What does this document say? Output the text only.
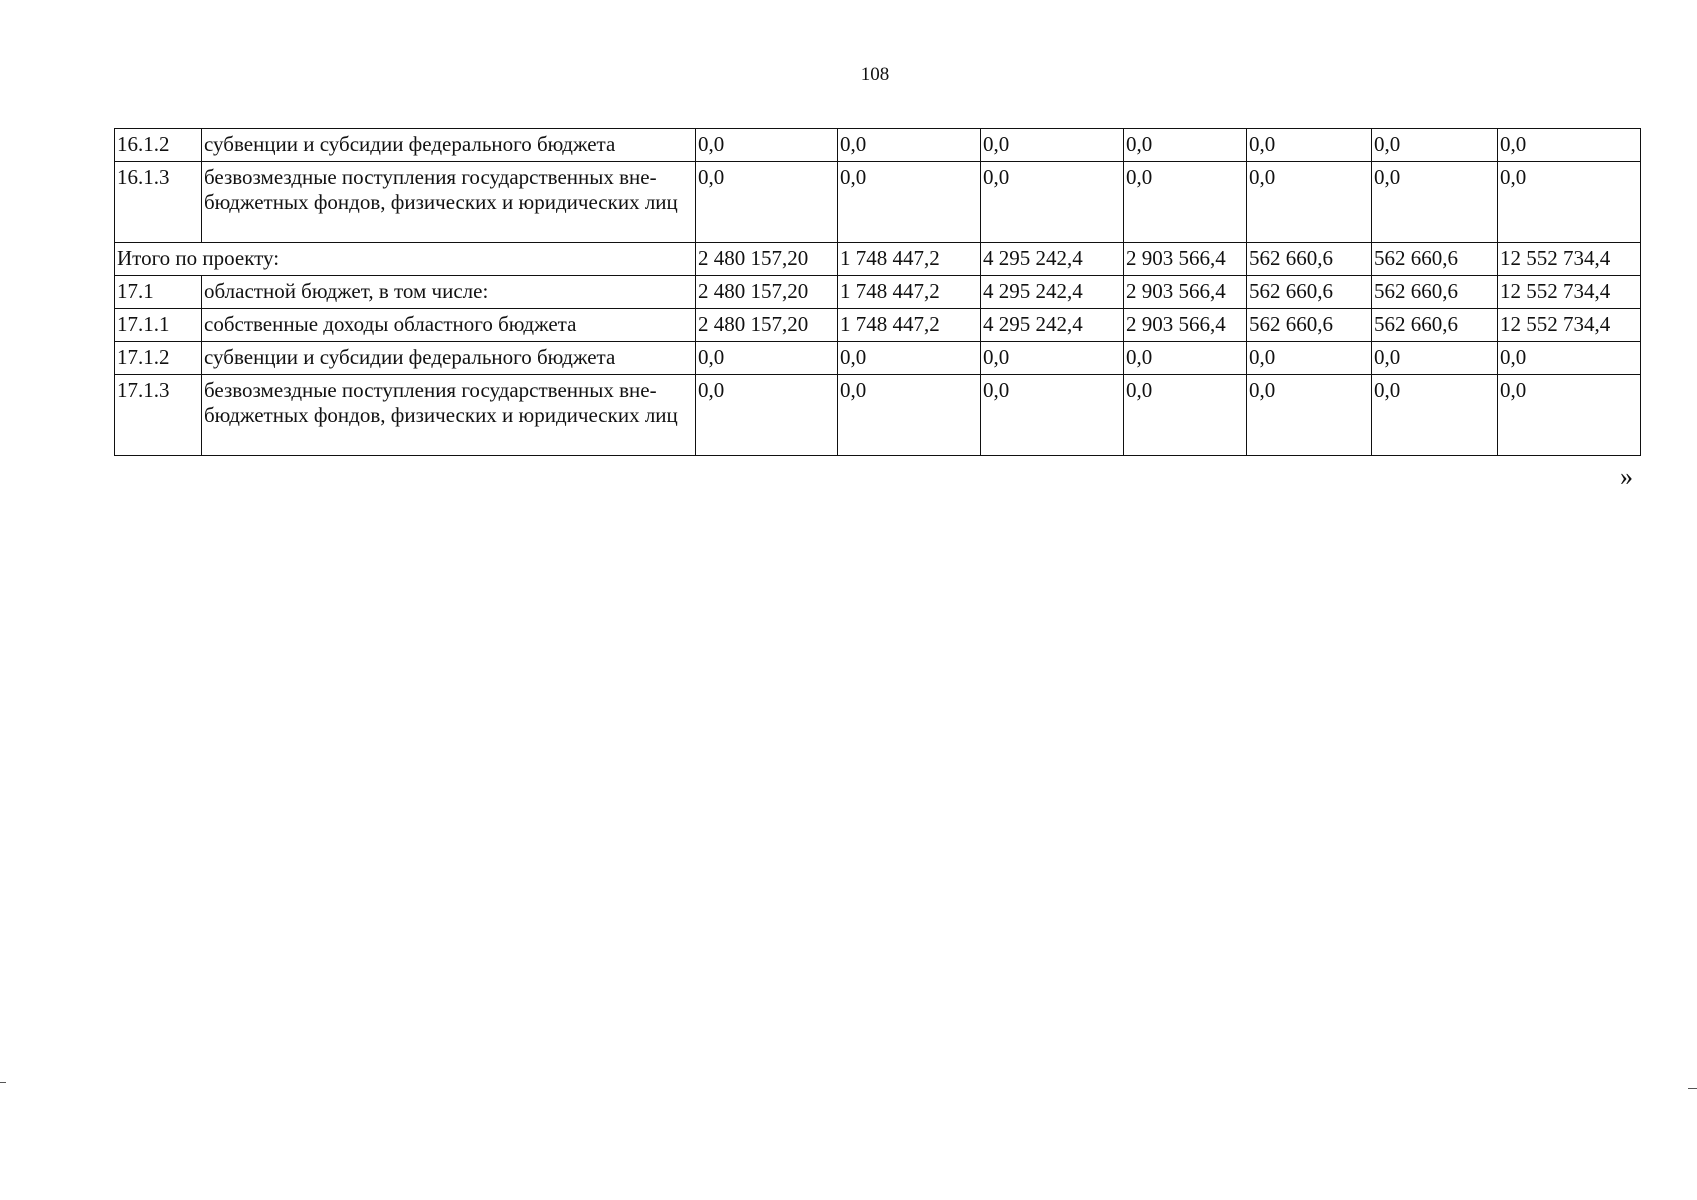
108
16.1.2	субвенции и субсидии федерального бюджета	0,0	0,0	0,0	0,0	0,0	0,0	0,0
16.1.3	безвозмездные поступления государственных вне-бюджетных фондов, физических и юридических лиц	0,0	0,0	0,0	0,0	0,0	0,0	0,0
Итого по проекту:		2 480 157,20	1 748 447,2	4 295 242,4	2 903 566,4	562 660,6	562 660,6	12 552 734,4
17.1	областной бюджет, в том числе:	2 480 157,20	1 748 447,2	4 295 242,4	2 903 566,4	562 660,6	562 660,6	12 552 734,4
17.1.1	собственные доходы областного бюджета	2 480 157,20	1 748 447,2	4 295 242,4	2 903 566,4	562 660,6	562 660,6	12 552 734,4
17.1.2	субвенции и субсидии федерального бюджета	0,0	0,0	0,0	0,0	0,0	0,0	0,0
17.1.3	безвозмездные поступления государственных вне-бюджетных фондов, физических и юридических лиц	0,0	0,0	0,0	0,0	0,0	0,0	0,0
»
